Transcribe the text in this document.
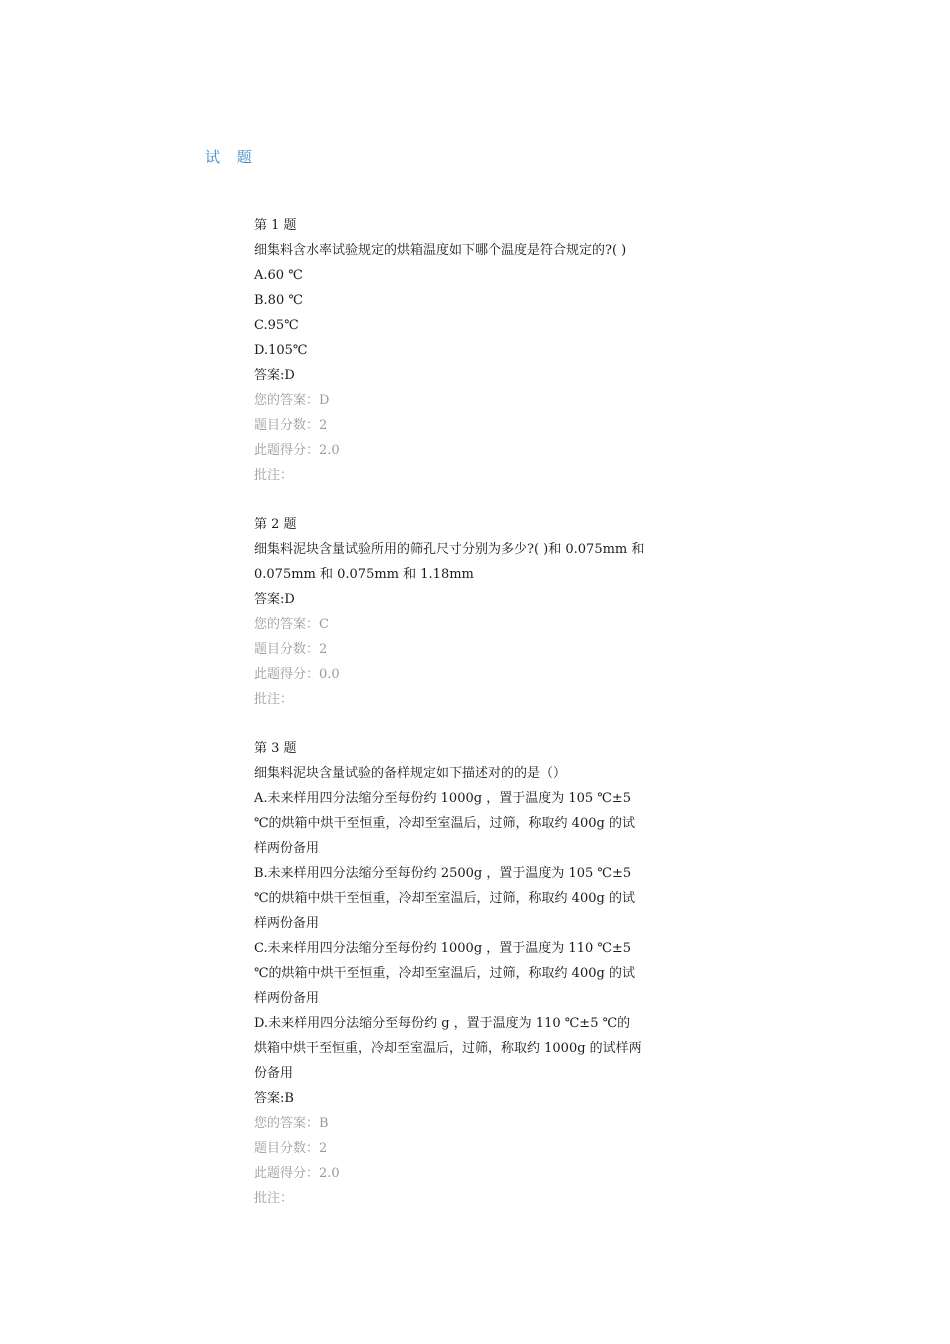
试 题
第 1 题
细集料含水率试验规定的烘箱温度如下哪个温度是符合规定的?( )
A.60 ℃
B.80 ℃
C.95℃
D.105℃
答案:D
您的答案：D
题目分数：2
此题得分：2.0
批注：
第 2 题
细集料泥块含量试验所用的筛孔尺寸分别为多少?( )和 0.075mm 和
0.075mm 和 0.075mm 和 1.18mm
答案:D
您的答案：C
题目分数：2
此题得分：0.0
批注：
第 3 题
细集料泥块含量试验的备样规定如下描述对的的是（）
A.未来样用四分法缩分至每份约 1000g ，置于温度为 105 ℃±5
℃的烘箱中烘干至恒重，冷却至室温后，过筛，称取约 400g 的试
样两份备用
B.未来样用四分法缩分至每份约 2500g ，置于温度为 105 ℃±5
℃的烘箱中烘干至恒重，冷却至室温后，过筛，称取约 400g 的试
样两份备用
C.未来样用四分法缩分至每份约 1000g ，置于温度为 110 ℃±5
℃的烘箱中烘干至恒重，冷却至室温后，过筛，称取约 400g 的试
样两份备用
D.未来样用四分法缩分至每份约 g ，置于温度为 110 ℃±5 ℃的
烘箱中烘干至恒重，冷却至室温后，过筛，称取约 1000g 的试样两
份备用
答案:B
您的答案：B
题目分数：2
此题得分：2.0
批注：
